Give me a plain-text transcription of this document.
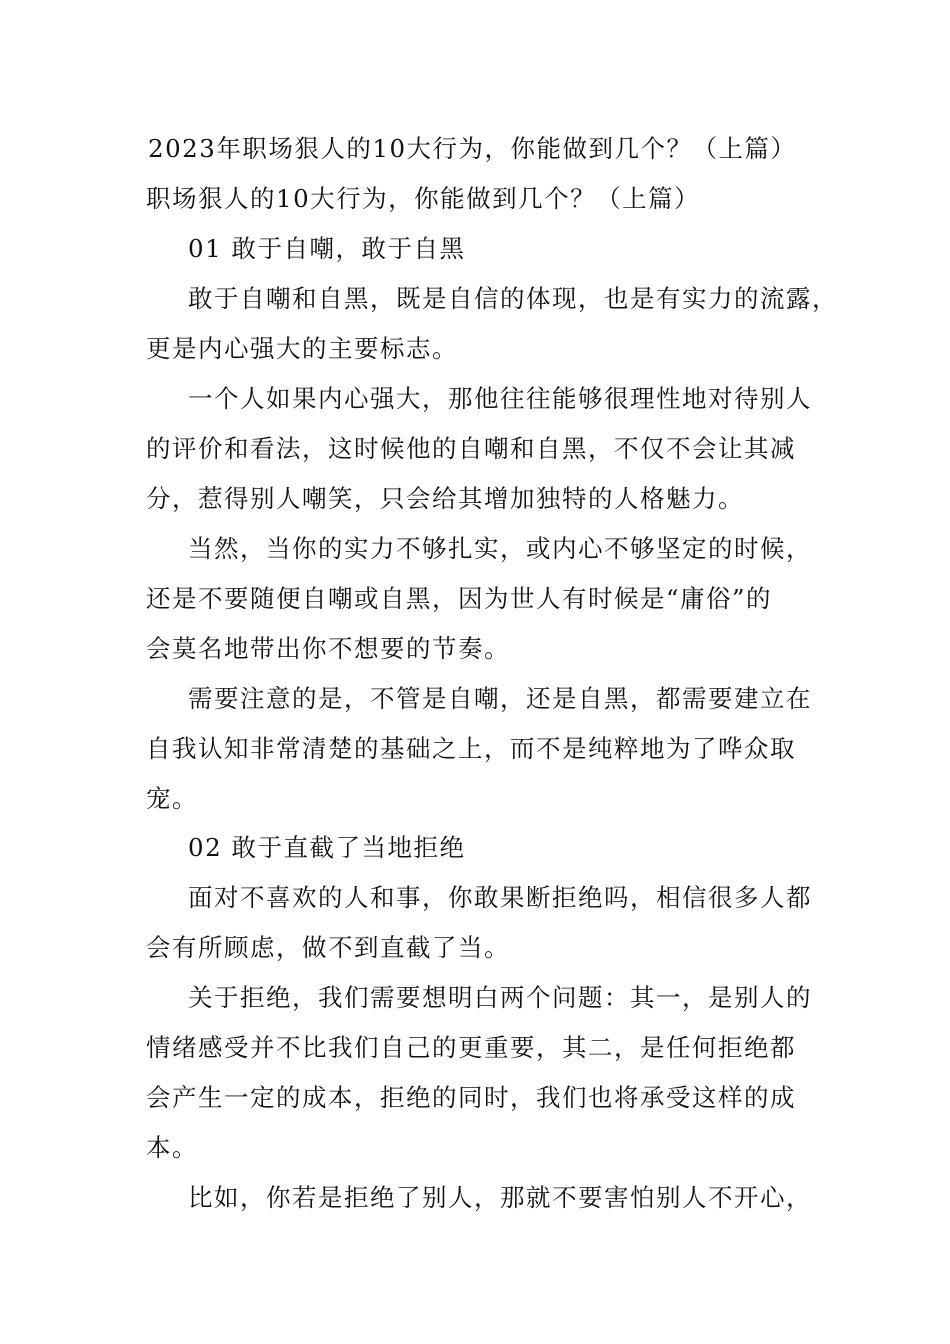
2023年职场狠人的10大行为，你能做到几个？（上篇）
职场狠人的10大行为，你能做到几个？（上篇）
01 敢于自嘲，敢于自黑
敢于自嘲和自黑，既是自信的体现，也是有实力的流露，
更是内心强大的主要标志。
一个人如果内心强大，那他往往能够很理性地对待别人
的评价和看法，这时候他的自嘲和自黑，不仅不会让其减
分，惹得别人嘲笑，只会给其增加独特的人格魅力。
当然，当你的实力不够扎实，或内心不够坚定的时候，
还是不要随便自嘲或自黑，因为世人有时候是“庸俗”的
会莫名地带出你不想要的节奏。
需要注意的是，不管是自嘲，还是自黑，都需要建立在
自我认知非常清楚的基础之上，而不是纯粹地为了哗众取
宠。
02 敢于直截了当地拒绝
面对不喜欢的人和事，你敢果断拒绝吗，相信很多人都
会有所顾虑，做不到直截了当。
关于拒绝，我们需要想明白两个问题：其一，是别人的
情绪感受并不比我们自己的更重要，其二，是任何拒绝都
会产生一定的成本，拒绝的同时，我们也将承受这样的成
本。
比如，你若是拒绝了别人，那就不要害怕别人不开心，
